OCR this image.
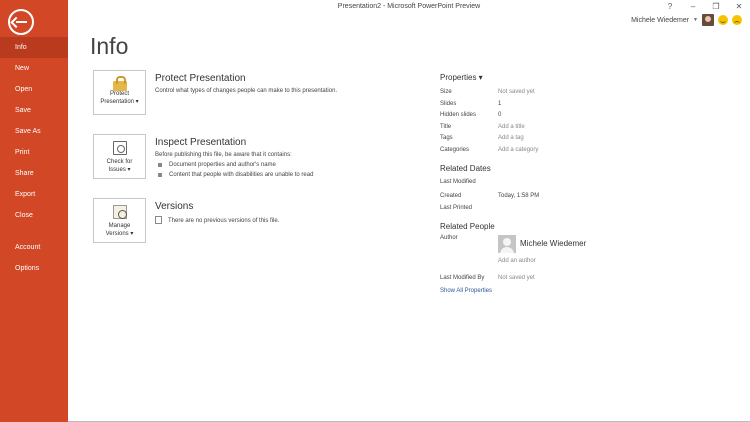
Info
New
Open
Save
Save As
Print
Share
Export
Close
Account
Options
Presentation2 - Microsoft PowerPoint Preview	?	–	❐ ✕
Michele Wiedemer ▼
Info
Protect
Presentation ▾
Protect Presentation
Control what types of changes people can make to this presentation.
Check for
Issues ▾
Inspect Presentation
Before publishing this file, be aware that it contains:
Document properties and author's name
Content that people with disabilities are unable to read
Manage
Versions ▾
Versions
There are no previous versions of this file.
Properties ▾
Size	Not saved yet
Slides	1
Hidden slides	0
Title	Add a title
Tags	Add a tag
Categories	Add a category
Related Dates
Last Modified
Created	Today, 1:58 PM
Last Printed
Related People
Author
Michele Wiedemer
Add an author
Last Modified By Not saved yet
Show All Properties
